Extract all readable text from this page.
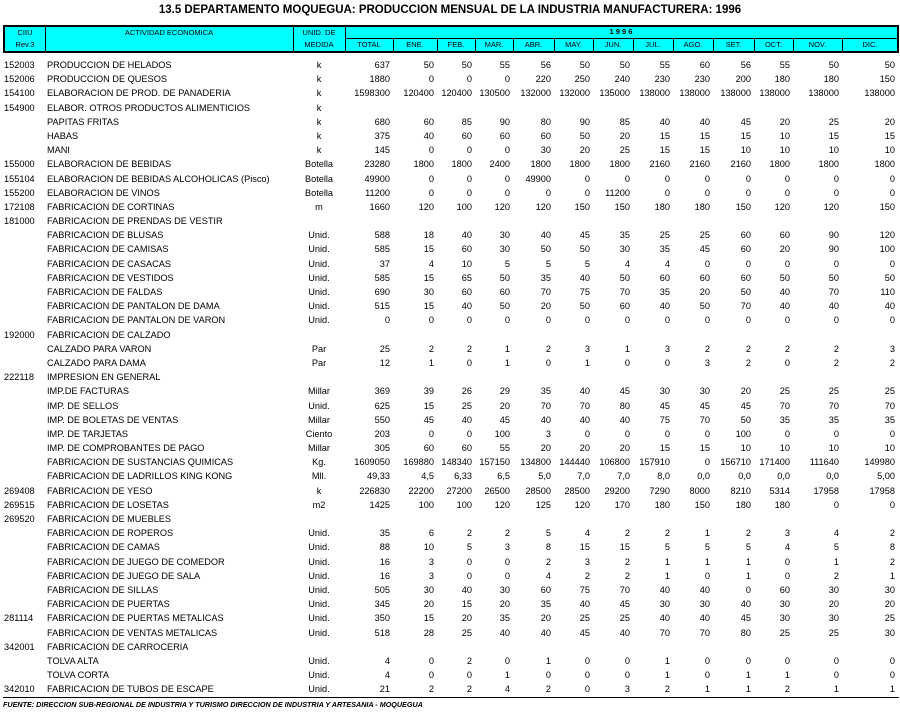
13.5 DEPARTAMENTO MOQUEGUA: PRODUCCION MENSUAL DE LA INDUSTRIA MANUFACTURERA: 1996
CIIU
Rev.3
ACTIVIDAD ECONOMICA	UNID. DE
MEDIDA
1 9 9 6
TOTAL	ENE.	FEB.	MAR.	ABR.	MAY.	JUN.	JUL.	AGO.	SET.	OCT.	NOV.	DIC.
152003	PRODUCCION DE HELADOS	k	637	50	50	55	56	50	50	55	60	56	55	50	50
152006	PRODUCCION DE QUESOS	k	1880	0	0	0	220	250	240	230	230	200	180	180	150
154100	ELABORACION DE PROD. DE PANADERIA	k	1598300	120400 120400 130500	132000 132000	135000	138000	138000	138000 138000	138000	138000
154900	ELABOR. OTROS PRODUCTOS ALIMENTICIOS	k
PAPITAS FRITAS	k	680	60	85	90	80	90	85	40	40	45	20	25	20
HABAS	k	375	40	60	60	60	50	20	15	15	15	10	15	15
MANI	k	145	0	0	0	30	20	25	15	15	10	10	10	10
155000	ELABORACION DE BEBIDAS	Botella	23280	1800	1800	2400	1800	1800	1800	2160	2160	2160	1800	1800	1800
155104	ELABORACION DE BEBIDAS ALCOHOLICAS (Pisco)	Botella	49900	0	0	0	49900	0	0	0	0	0	0	0	0
155200	ELABORACION DE VINOS	Botella	11200	0	0	0	0	0	11200	0	0	0	0	0	0
172108	FABRICACION DE CORTINAS	m	1660	120	100	120	120	150	150	180	180	150	120	120	150
181000	FABRICACION DE PRENDAS DE VESTIR
FABRICACION DE BLUSAS	Unid.	588	18	40	30	40	45	35	25	25	60	60	90	120
FABRICACION DE CAMISAS	Unid.	585	15	60	30	50	50	30	35	45	60	20	90	100
FABRICACION DE CASACAS	Unid.	37	4	10	5	5	5	4	4	0	0	0	0	0
FABRICACION DE VESTIDOS	Unid.	585	15	65	50	35	40	50	60	60	60	50	50	50
FABRICACION DE FALDAS	Unid.	690	30	60	60	70	75	70	35	20	50	40	70	110
FABRICACION DE PANTALON DE DAMA	Unid.	515	15	40	50	20	50	60	40	50	70	40	40	40
FABRICACION DE PANTALON DE VARON	Unid.	0	0	0	0	0	0	0	0	0	0	0	0	0
192000	FABRICACION DE CALZADO
CALZADO PARA VARON	Par	25	2	2	1	2	3	1	3	2	2	2	2	3
CALZADO PARA DAMA	Par	12	1	0	1	0	1	0	0	3	2	0	2	2
222118	IMPRESION EN GENERAL
IMP.DE FACTURAS	Millar	369	39	26	29	35	40	45	30	30	20	25	25	25
IMP. DE SELLOS	Unid.	625	15	25	20	70	70	80	45	45	45	70	70	70
IMP. DE BOLETAS DE VENTAS	Millar	550	45	40	45	40	40	40	75	70	50	35	35	35
IMP. DE TARJETAS	Ciento	203	0	0	100	3	0	0	0	0	100	0	0	0
IMP. DE COMPROBANTES DE PAGO	Millar	305	60	60	55	20	20	20	15	15	10	10	10	10
FABRICACION DE SUSTANCIAS QUIMICAS	Kg.	1609050	169880 148340 157150	134800 144440	106800	157910	0	156710 171400	111640	149980
FABRICACION DE LADRILLOS KING KONG	Mll.	49,33	4,5	6,33	6,5	5,0	7,0	7,0	8,0	0,0	0,0	0,0	0,0	5,00
269408	FABRICACION DE YESO	k	226830	22200	27200	26500	28500	28500	29200	7290	8000	8210	5314	17958	17958
269515	FABRICACION DE LOSETAS	m2	1425	100	100	120	125	120	170	180	150	180	180	0	0
269520	FABRICACION DE MUEBLES
FABRICACION DE ROPEROS	Unid.	35	6	2	2	5	4	2	2	1	2	3	4	2
FABRICACION DE CAMAS	Unid.	88	10	5	3	8	15	15	5	5	5	4	5	8
FABRICACION DE JUEGO DE COMEDOR	Unid.	16	3	0	0	2	3	2	1	1	1	0	1	2
FABRICACION DE JUEGO DE SALA	Unid.	16	3	0	0	4	2	2	1	0	1	0	2	1
FABRICACION DE SILLAS	Unid.	505	30	40	30	60	75	70	40	40	0	60	30	30
FABRICACION DE PUERTAS	Unid.	345	20	15	20	35	40	45	30	30	40	30	20	20
281114	FABRICACION DE PUERTAS METALICAS	Unid.	350	15	20	35	20	25	25	40	40	45	30	30	25
FABRICACION DE VENTAS METALICAS	Unid.	518	28	25	40	40	45	40	70	70	80	25	25	30
342001	FABRICACION DE CARROCERIA
TOLVA ALTA	Unid.	4	0	2	0	1	0	0	1	0	0	0	0	0
TOLVA CORTA	Unid.	4	0	0	1	0	0	0	1	0	1	1	0	0
342010	FABRICACION DE TUBOS DE ESCAPE	Unid.	21	2	2	4	2	0	3	2	1	1	2	1	1
FUENTE: DIRECCION SUB-REGIONAL DE INDUSTRIA Y TURISMO DIRECCION DE INDUSTRIA Y ARTESANIA - MOQUEGUA
